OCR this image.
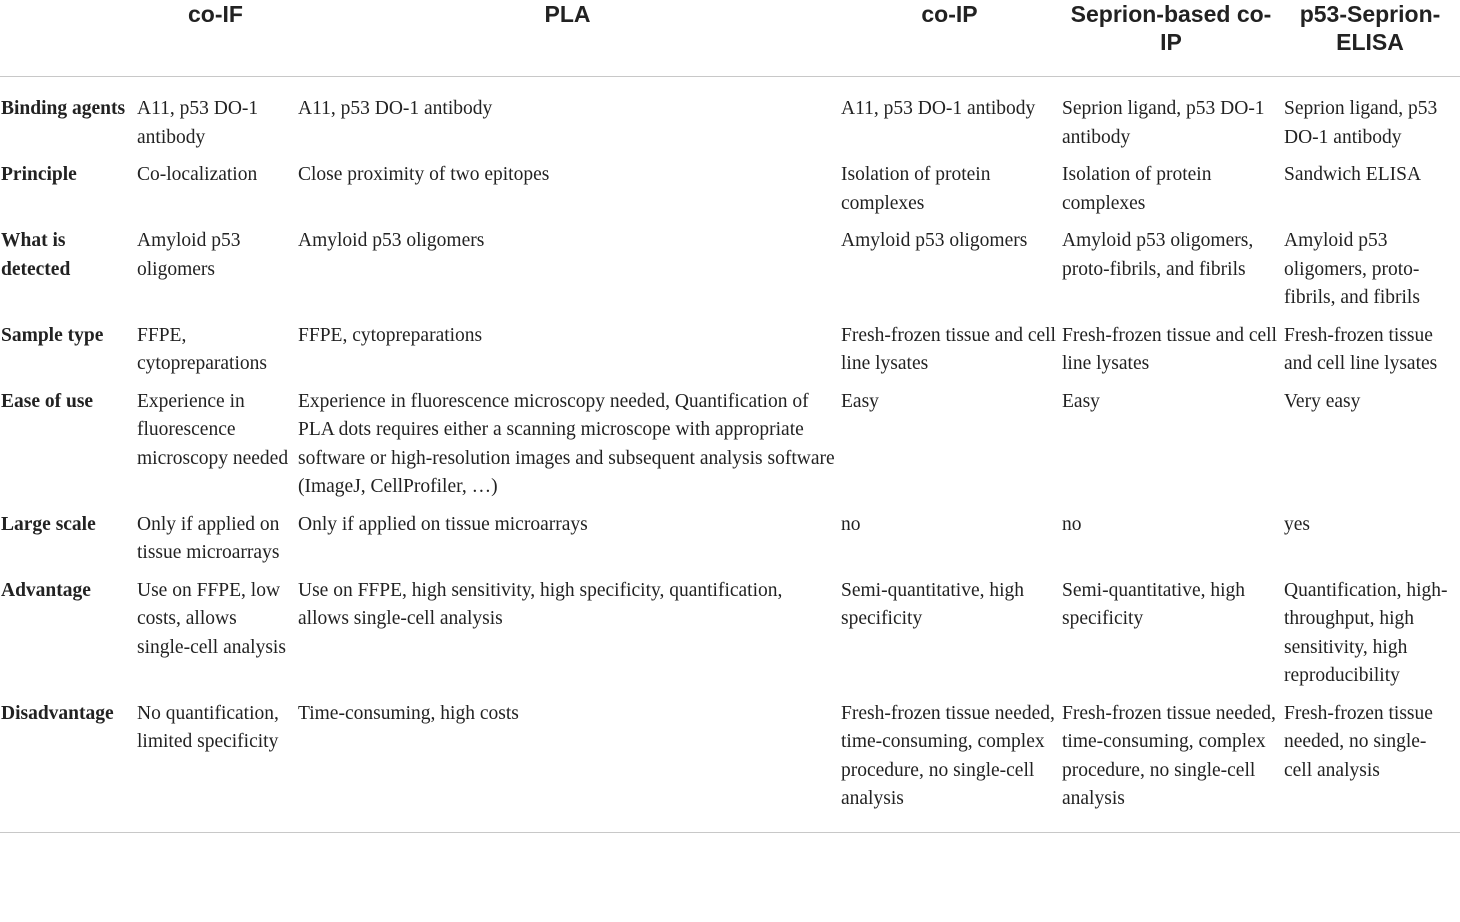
	co-IF	PLA	co-IP	Seprion-based co-IP	p53-Seprion-ELISA
Binding agents	A11, p53 DO-1 antibody	A11, p53 DO-1 antibody	A11, p53 DO-1 antibody	Seprion ligand, p53 DO-1 antibody	Seprion ligand, p53 DO-1 antibody
Principle	Co-localization	Close proximity of two epitopes	Isolation of protein complexes	Isolation of protein complexes	Sandwich ELISA
What is detected	Amyloid p53 oligomers	Amyloid p53 oligomers	Amyloid p53 oligomers	Amyloid p53 oligomers, proto-fibrils, and fibrils	Amyloid p53 oligomers, proto-fibrils, and fibrils
Sample type	FFPE, cytopreparations	FFPE, cytopreparations	Fresh-frozen tissue and cell line lysates	Fresh-frozen tissue and cell line lysates	Fresh-frozen tissue and cell line lysates
Ease of use	Experience in fluorescence microscopy needed	Experience in fluorescence microscopy needed, Quantification of PLA dots requires either a scanning microscope with appropriate software or high-resolution images and subsequent analysis software (ImageJ, CellProfiler, …)	Easy	Easy	Very easy
Large scale	Only if applied on tissue microarrays	Only if applied on tissue microarrays	no	no	yes
Advantage	Use on FFPE, low costs, allows single-cell analysis	Use on FFPE, high sensitivity, high specificity, quantification, allows single-cell analysis	Semi-quantitative, high specificity	Semi-quantitative, high specificity	Quantification, high-throughput, high sensitivity, high reproducibility
Disadvantage	No quantification, limited specificity	Time-consuming, high costs	Fresh-frozen tissue needed, time-consuming, complex procedure, no single-cell analysis	Fresh-frozen tissue needed, time-consuming, complex procedure, no single-cell analysis	Fresh-frozen tissue needed, no single-cell analysis
